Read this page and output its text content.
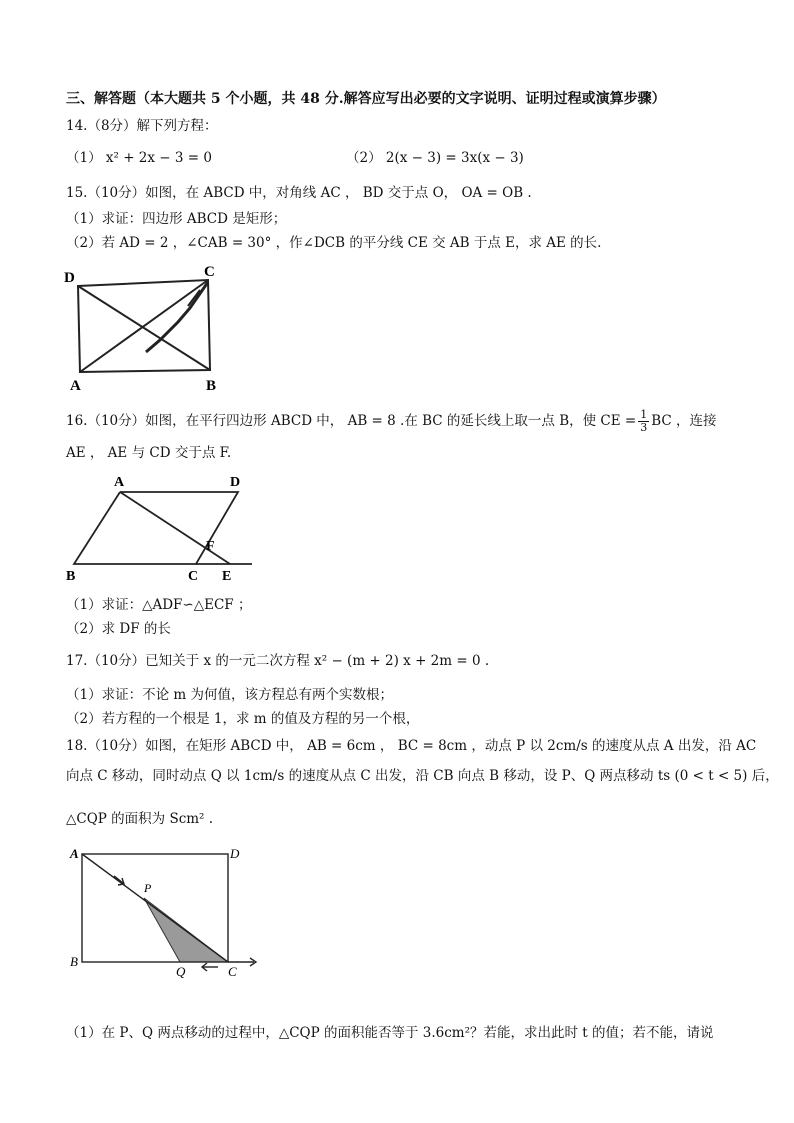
三、解答题（本大题共 5 个小题，共 48 分.解答应写出必要的文字说明、证明过程或演算步骤）
14.（8分）解下列方程：
（1） x² + 2x − 3 = 0	（2） 2(x − 3) = 3x(x − 3)
15.（10分）如图，在 ABCD 中，对角线 AC ， BD 交于点 O， OA = OB .
（1）求证：四边形 ABCD 是矩形；
（2）若 AD = 2 ，∠CAB = 30° ，作∠DCB 的平分线 CE 交 AB 于点 E，求 AE 的长.
D	C
A	B
16.（10分）如图，在平行四边形 ABCD 中， AB = 8 .在 BC 的延长线上取一点 B，使 CE = $\frac{1}{3}$ BC ，连接
AE ， AE 与 CD 交于点 F.
A	D
B	C E
F
（1）求证：△ADF∽△ECF ；
（2）求 DF 的长
17.（10分）已知关于 x 的一元二次方程 x² − (m + 2) x + 2m = 0 .
（1）求证：不论 m 为何值，该方程总有两个实数根；
（2）若方程的一个根是 1，求 m 的值及方程的另一个根，
18.（10分）如图，在矩形 ABCD 中， AB = 6cm ， BC = 8cm ，动点 P 以 2cm/s 的速度从点 A 出发，沿 AC
向点 C 移动，同时动点 Q 以 1cm/s 的速度从点 C 出发，沿 CB 向点 B 移动，设 P、Q 两点移动 ts (0 < t < 5) 后，
△CQP 的面积为 Scm² .
A	D
B
C
P
Q
（1）在 P、Q 两点移动的过程中，△CQP 的面积能否等于 3.6cm²？若能，求出此时 t 的值；若不能，请说
